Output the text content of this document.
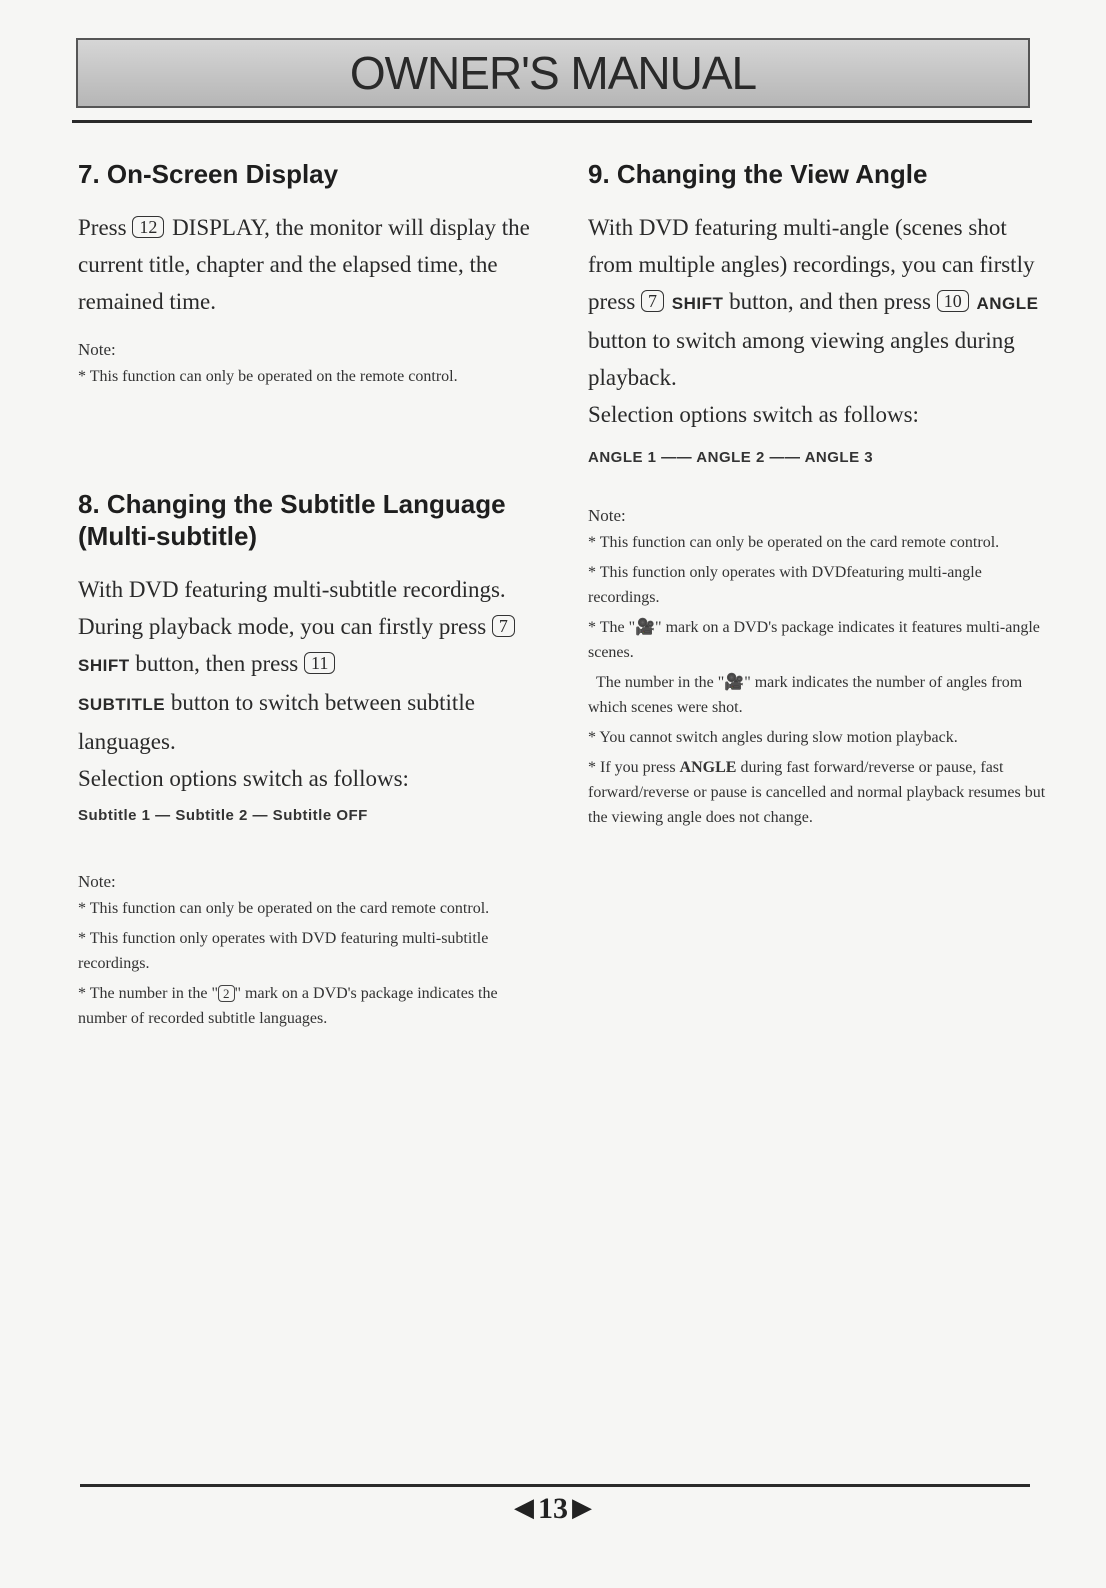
OWNER'S MANUAL
7. On-Screen Display

Press 12 DISPLAY, the monitor will display the current title, chapter and the elapsed time, the remained time.

Note:
* This function can only be operated on the remote control.
8. Changing the Subtitle Language (Multi-subtitle)

With DVD featuring multi-subtitle recordings. During playback mode, you can firstly press 7 SHIFT button, then press 11
SUBTITLE button to switch between subtitle languages.
Selection options switch as follows:

Subtitle 1 — Subtitle 2 — Subtitle OFF
Note:
* This function can only be operated on the card remote control.
* This function only operates with DVD featuring multi-subtitle recordings.
* The number in the " 2 " mark on a DVD's package indicates the number of recorded subtitle languages.
9. Changing the View Angle

With DVD featuring multi-angle (scenes shot from multiple angles) recordings, you can firstly press 7 SHIFT button, and then press 10 ANGLE button to switch among viewing angles during playback.
Selection options switch as follows:

ANGLE 1 —— ANGLE 2 —— ANGLE 3
Note:
* This function can only be operated on the card remote control.
* This function only operates with DVDfeaturing multi-angle recordings.
* The "🎥" mark on a DVD's package indicates it features multi-angle scenes.
The number in the "🎥" mark indicates the number of angles from which scenes were shot.
* You cannot switch angles during slow motion playback.
* If you press ANGLE during fast forward/reverse or pause, fast forward/reverse or pause is cancelled and normal playback resumes but the viewing angle does not change.
◀ 13 ▶
